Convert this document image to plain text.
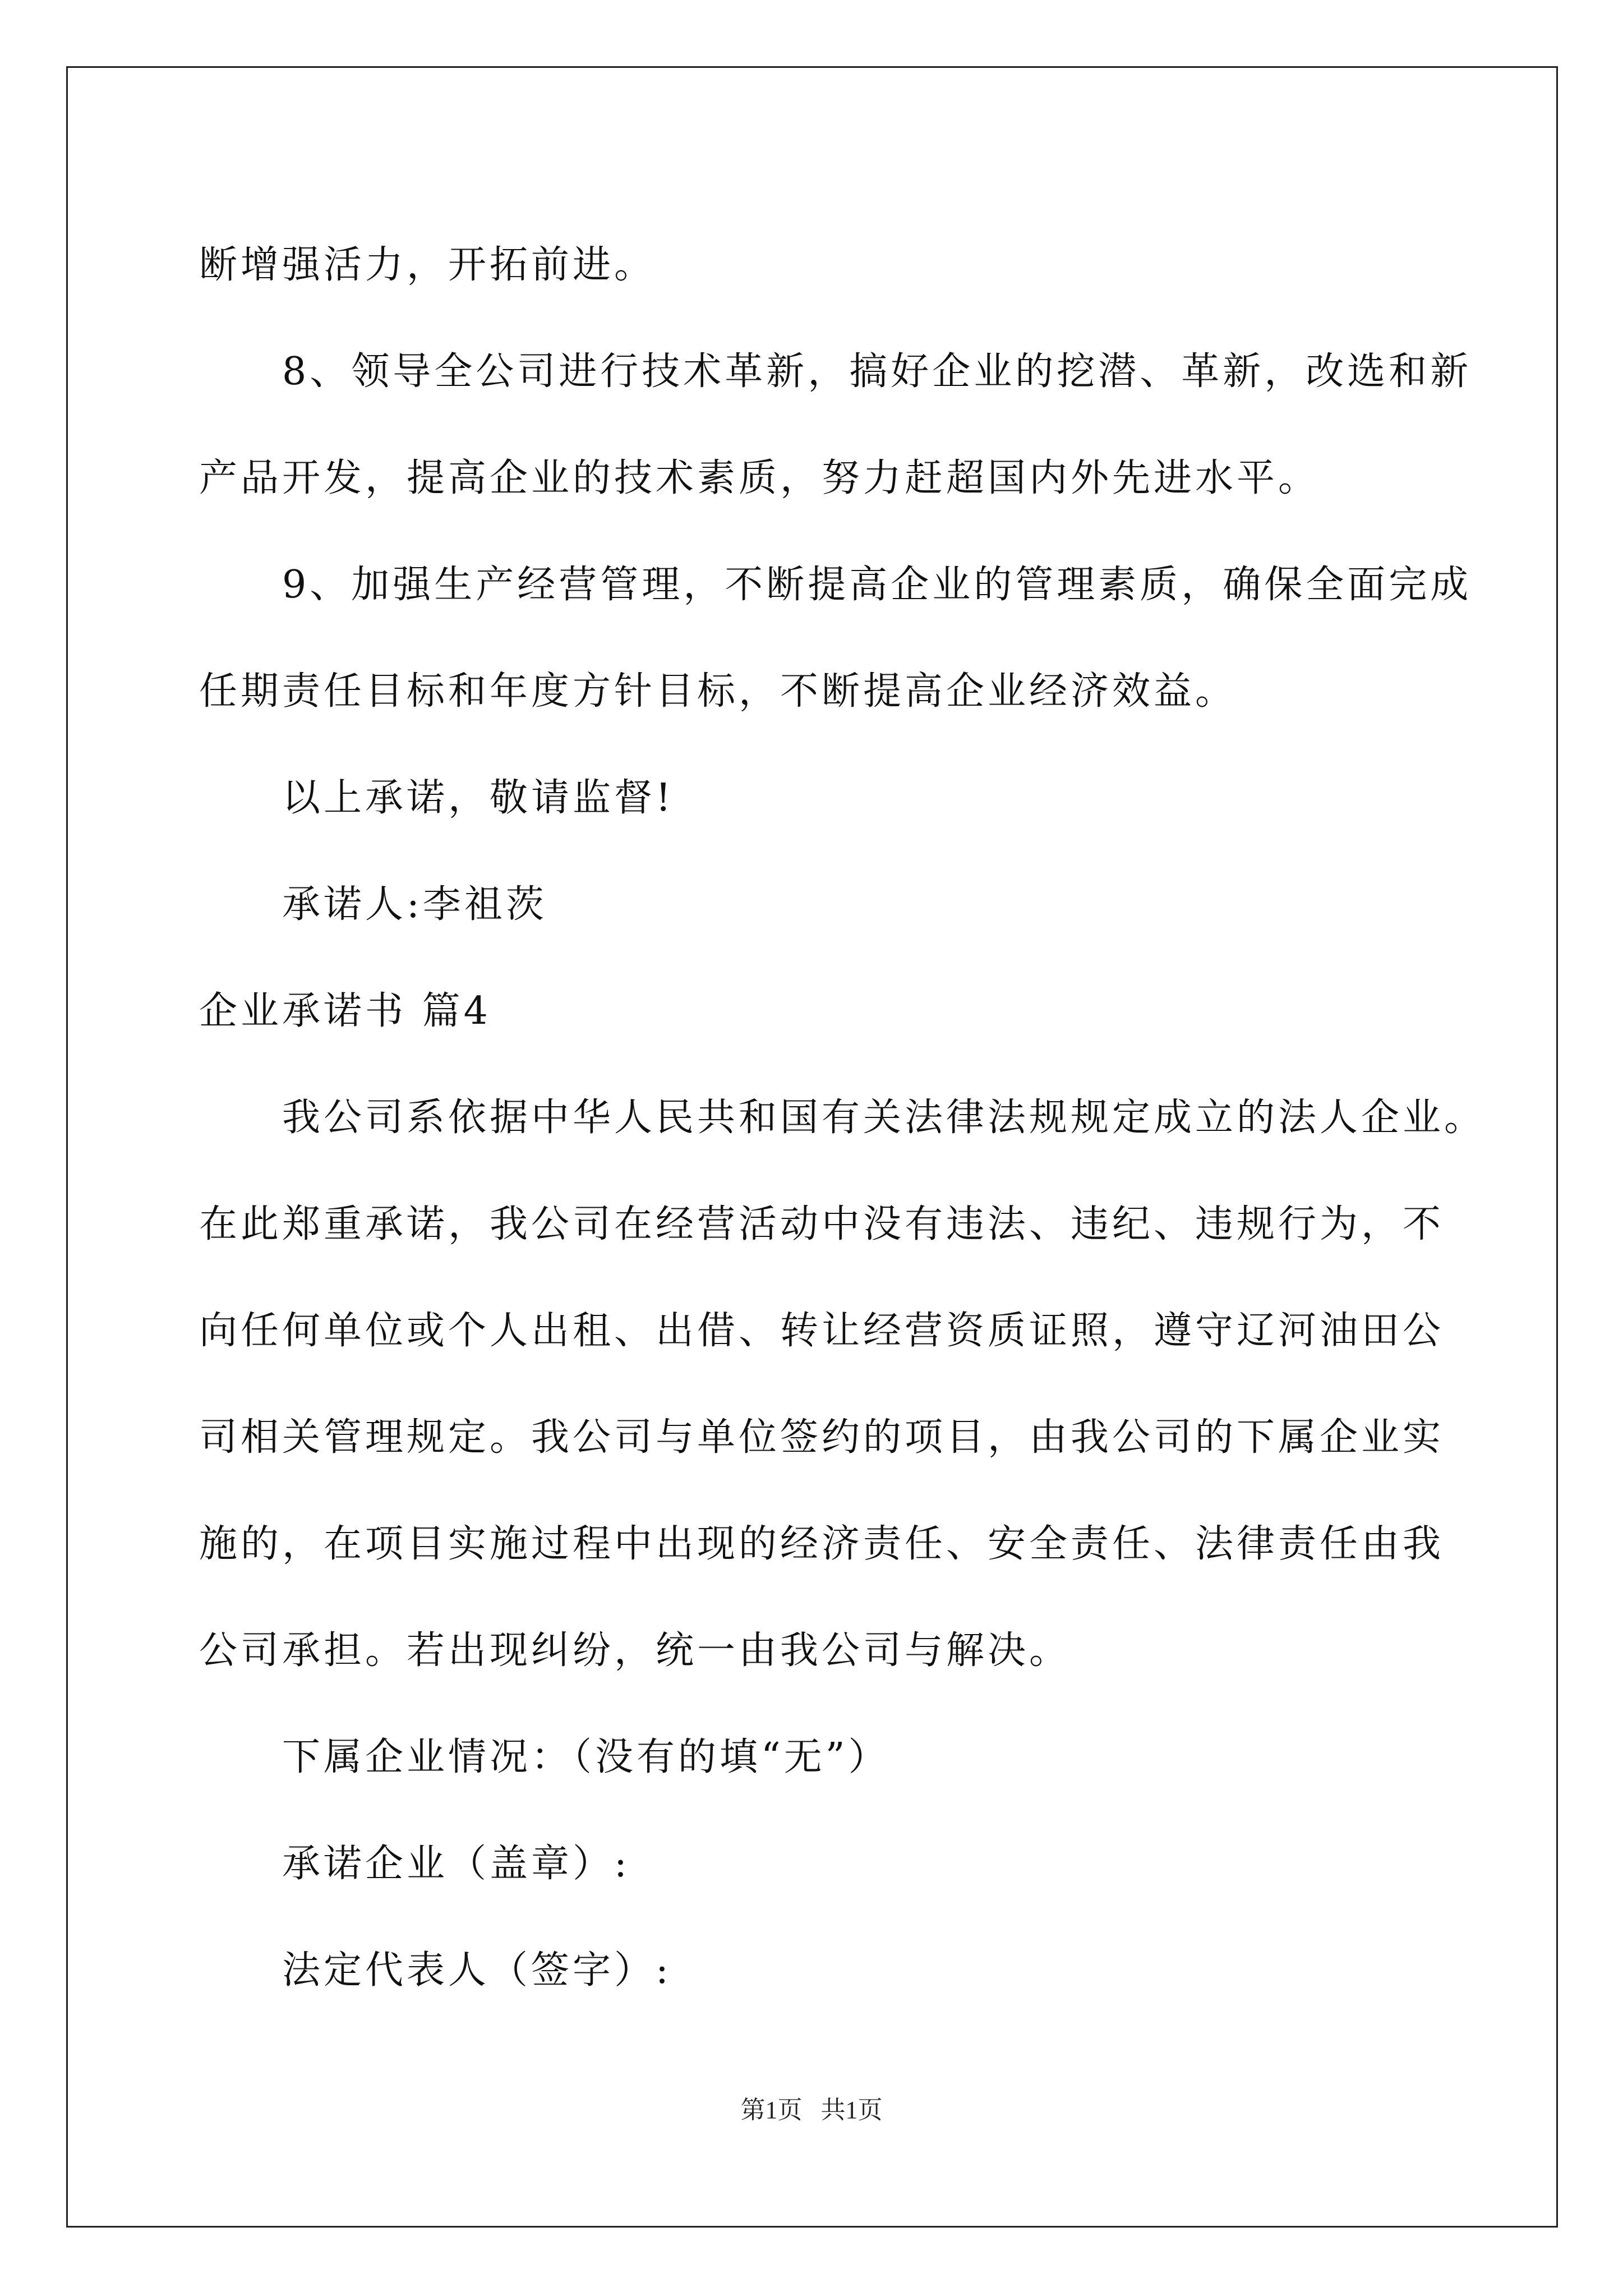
断增强活力，开拓前进。
8、领导全公司进行技术革新，搞好企业的挖潜、革新，改选和新
产品开发，提高企业的技术素质，努力赶超国内外先进水平。
9、加强生产经营管理，不断提高企业的管理素质，确保全面完成
任期责任目标和年度方针目标，不断提高企业经济效益。
以上承诺，敬请监督!
承诺人:李祖茨
企业承诺书 篇4
我公司系依据中华人民共和国有关法律法规规定成立的法人企业。
在此郑重承诺，我公司在经营活动中没有违法、违纪、违规行为，不
向任何单位或个人出租、出借、转让经营资质证照，遵守辽河油田公
司相关管理规定。我公司与单位签约的项目，由我公司的下属企业实
施的，在项目实施过程中出现的经济责任、安全责任、法律责任由我
公司承担。若出现纠纷，统一由我公司与解决。
下属企业情况：（没有的填“无”）
承诺企业（盖章）:
法定代表人（签字）:
第1页   共1页
